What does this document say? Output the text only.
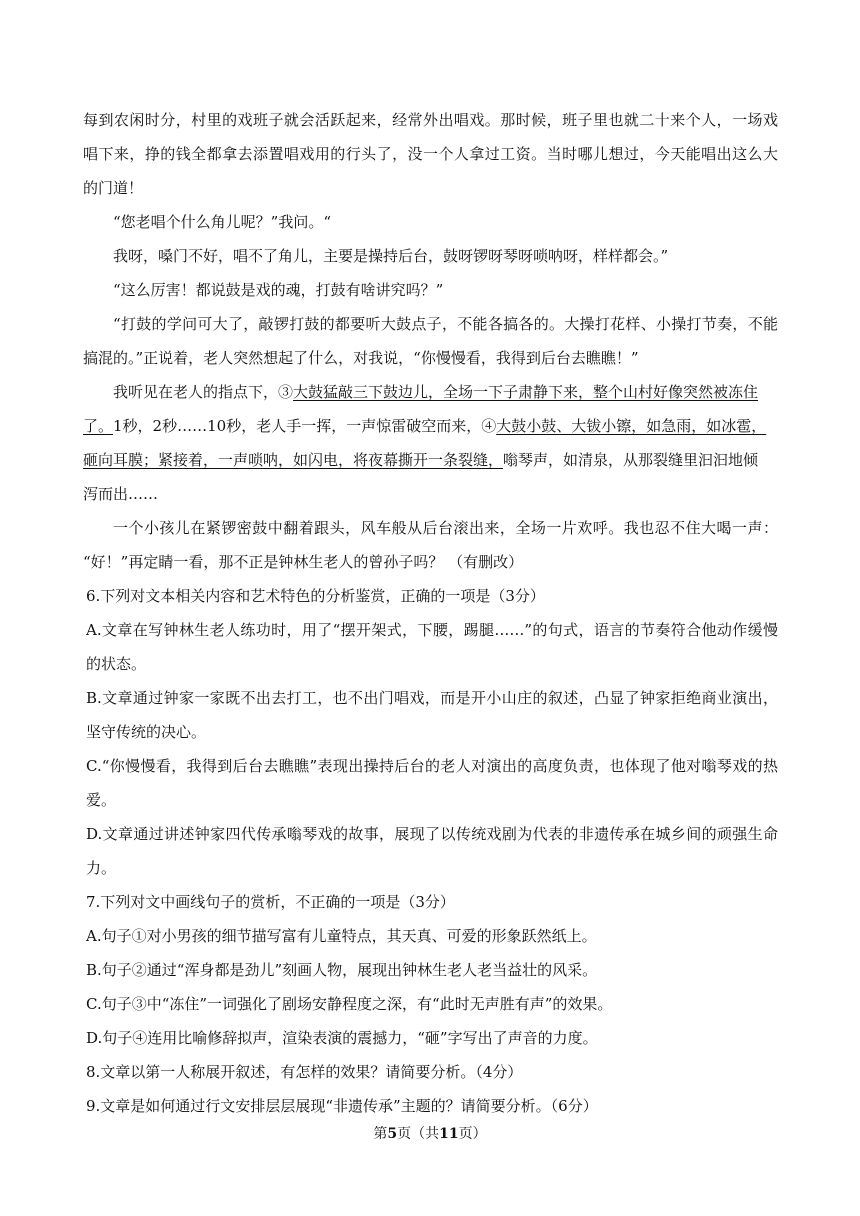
每到农闲时分，村里的戏班子就会活跃起来，经常外出唱戏。那时候，班子里也就二十来个人，一场戏
唱下来，挣的钱全都拿去添置唱戏用的行头了，没一个人拿过工资。当时哪儿想过，今天能唱出这么大
的门道！
“您老唱个什么角儿呢？”我问。“
我呀，嗓门不好，唱不了角儿，主要是操持后台，鼓呀锣呀琴呀唢呐呀，样样都会。”
“这么厉害！都说鼓是戏的魂，打鼓有啥讲究吗？”
“打鼓的学问可大了，敲锣打鼓的都要听大鼓点子，不能各搞各的。大操打花样、小操打节奏，不能
搞混的。”正说着，老人突然想起了什么，对我说，“你慢慢看，我得到后台去瞧瞧！”
我听见在老人的指点下，③大鼓猛敲三下鼓边儿，全场一下子肃静下来，整个山村好像突然被冻住
了。1秒，2秒……10秒，老人手一挥，一声惊雷破空而来，④大鼓小鼓、大钹小镲，如急雨，如冰雹，
砸向耳膜；紧接着，一声唢呐，如闪电，将夜幕撕开一条裂缝，嗡琴声，如清泉，从那裂缝里汩汩地倾
泻而出……
一个小孩儿在紧锣密鼓中翻着跟头，风车般从后台滚出来，全场一片欢呼。我也忍不住大喝一声：
“好！”再定睛一看，那不正是钟林生老人的曾孙子吗？ （有删改）
6.下列对文本相关内容和艺术特色的分析鉴赏，正确的一项是（3分）
A.文章在写钟林生老人练功时，用了“摆开架式，下腰，踢腿……”的句式，语言的节奏符合他动作缓慢
的状态。
B.文章通过钟家一家既不出去打工，也不出门唱戏，而是开小山庄的叙述，凸显了钟家拒绝商业演出，
坚守传统的决心。
C.“你慢慢看，我得到后台去瞧瞧”表现出操持后台的老人对演出的高度负责，也体现了他对嗡琴戏的热
爱。
D.文章通过讲述钟家四代传承嗡琴戏的故事，展现了以传统戏剧为代表的非遗传承在城乡间的顽强生命
力。
7.下列对文中画线句子的赏析，不正确的一项是（3分）
A.句子①对小男孩的细节描写富有儿童特点，其天真、可爱的形象跃然纸上。
B.句子②通过“浑身都是劲儿”刻画人物，展现出钟林生老人老当益壮的风采。
C.句子③中“冻住”一词强化了剧场安静程度之深，有“此时无声胜有声”的效果。
D.句子④连用比喻修辞拟声，渲染表演的震撼力，“砸”字写出了声音的力度。
8.文章以第一人称展开叙述，有怎样的效果？请简要分析。（4分）
9.文章是如何通过行文安排层层展现“非遗传承”主题的？请简要分析。（6分）
第5页（共11页）
